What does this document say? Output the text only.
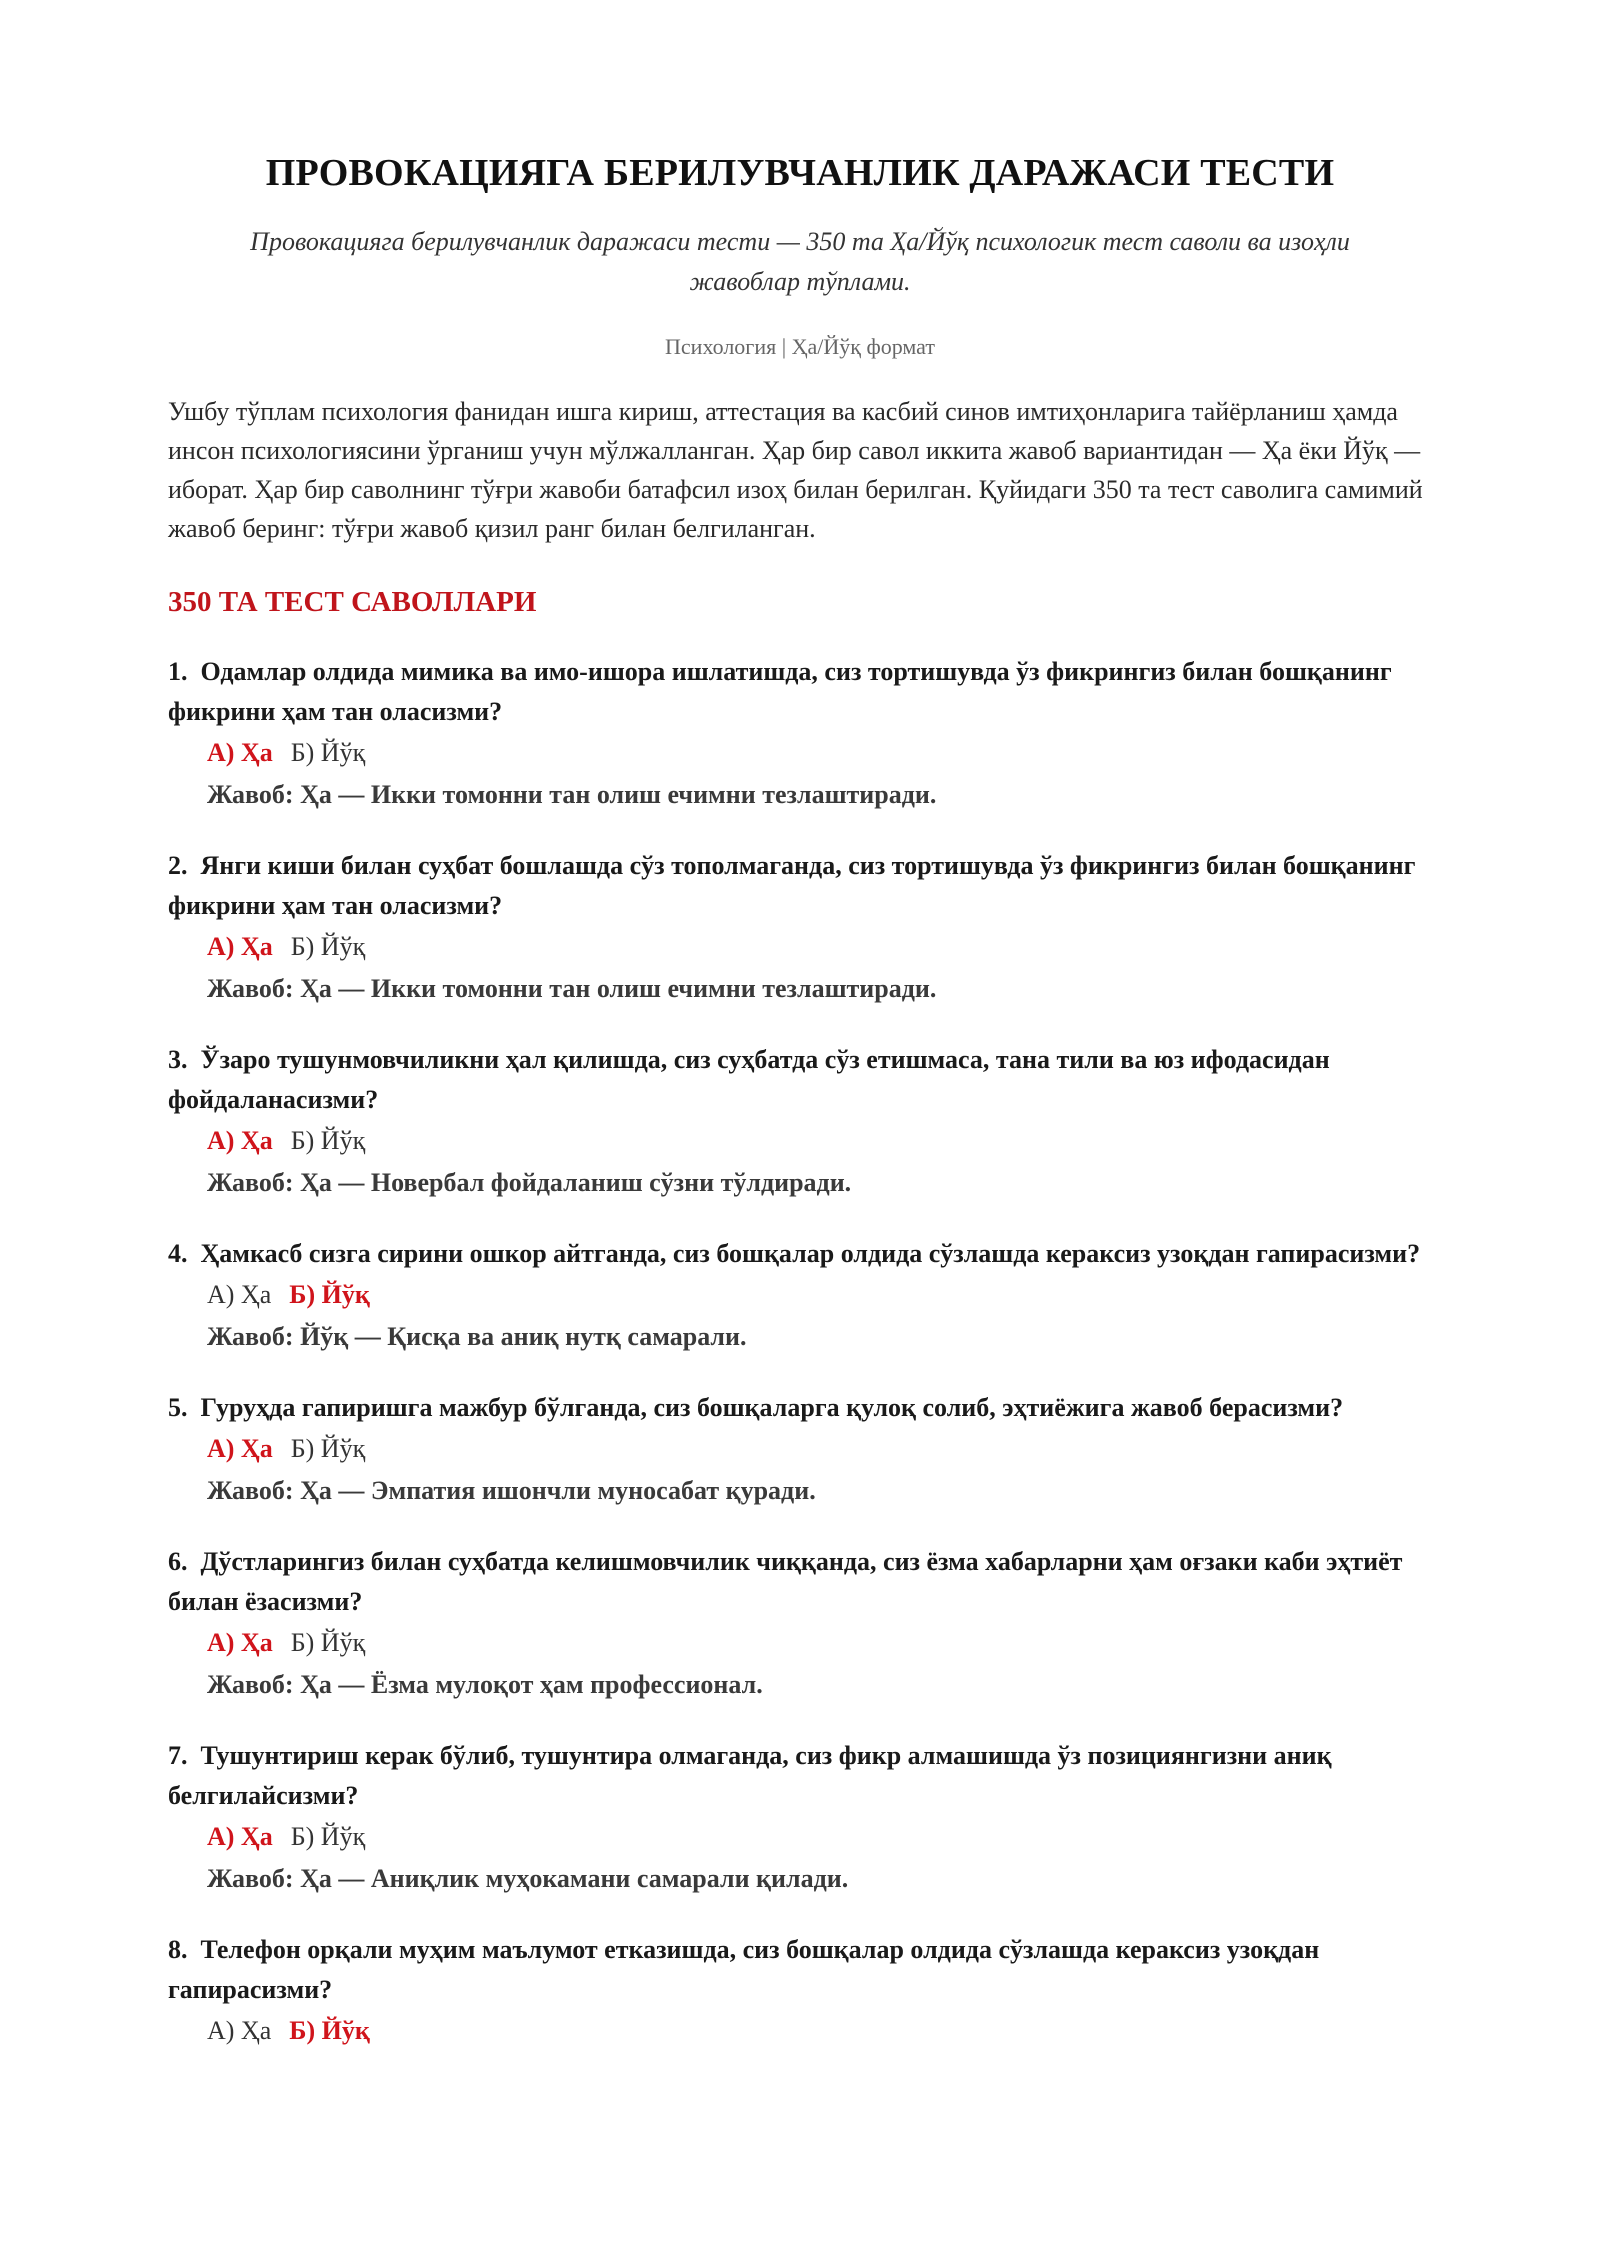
ПРОВОКАЦИЯГА БЕРИЛУВЧАНЛИК ДАРАЖАСИ ТЕСТИ
Провокацияга берилувчанлик даражаси тести — 350 та Ҳа/Йўқ психологик тест саволи ва изоҳли жавоблар тўплами.
Психология | Ҳа/Йўқ формат
Ушбу тўплам психология фанидан ишга кириш, аттестация ва касбий синов имтиҳонларига тайёрланиш ҳамда инсон психологиясини ўрганиш учун мўлжалланган. Ҳар бир савол иккита жавоб вариантидан — Ҳа ёки Йўқ — иборат. Ҳар бир саволнинг тўғри жавоби батафсил изоҳ билан берилган. Қуйидаги 350 та тест саволига самимий жавоб беринг: тўғри жавоб қизил ранг билан белгиланган.
350 ТА ТЕСТ САВОЛЛАРИ
1. Одамлар олдида мимика ва имо-ишора ишлатишда, сиз тортишувда ўз фикрингиз билан бошқанинг фикрини ҳам тан оласизми?
А) Ҳа Б) Йўқ
Жавоб: Ҳа — Икки томонни тан олиш ечимни тезлаштиради.
2. Янги киши билан суҳбат бошлашда сўз тополмаганда, сиз тортишувда ўз фикрингиз билан бошқанинг фикрини ҳам тан оласизми?
А) Ҳа Б) Йўқ
Жавоб: Ҳа — Икки томонни тан олиш ечимни тезлаштиради.
3. Ўзаро тушунмовчиликни ҳал қилишда, сиз суҳбатда сўз етишмаса, тана тили ва юз ифодасидан фойдаланасизми?
А) Ҳа Б) Йўқ
Жавоб: Ҳа — Новербал фойдаланиш сўзни тўлдиради.
4. Ҳамкасб сизга сирини ошкор айтганда, сиз бошқалар олдида сўзлашда кераксиз узоқдан гапирасизми?
А) Ҳа Б) Йўқ
Жавоб: Йўқ — Қисқа ва аниқ нутқ самарали.
5. Гуруҳда гапиришга мажбур бўлганда, сиз бошқаларга қулоқ солиб, эҳтиёжига жавоб берасизми?
А) Ҳа Б) Йўқ
Жавоб: Ҳа — Эмпатия ишончли муносабат қуради.
6. Дўстларингиз билан суҳбатда келишмовчилик чиққанда, сиз ёзма хабарларни ҳам оғзаки каби эҳтиёт билан ёзасизми?
А) Ҳа Б) Йўқ
Жавоб: Ҳа — Ёзма мулоқот ҳам профессионал.
7. Тушунтириш керак бўлиб, тушунтира олмаганда, сиз фикр алмашишда ўз позициянгизни аниқ белгилайсизми?
А) Ҳа Б) Йўқ
Жавоб: Ҳа — Аниқлик муҳокамани самарали қилади.
8. Телефон орқали муҳим маълумот етказишда, сиз бошқалар олдида сўзлашда кераксиз узоқдан гапирасизми?
А) Ҳа Б) Йўқ
